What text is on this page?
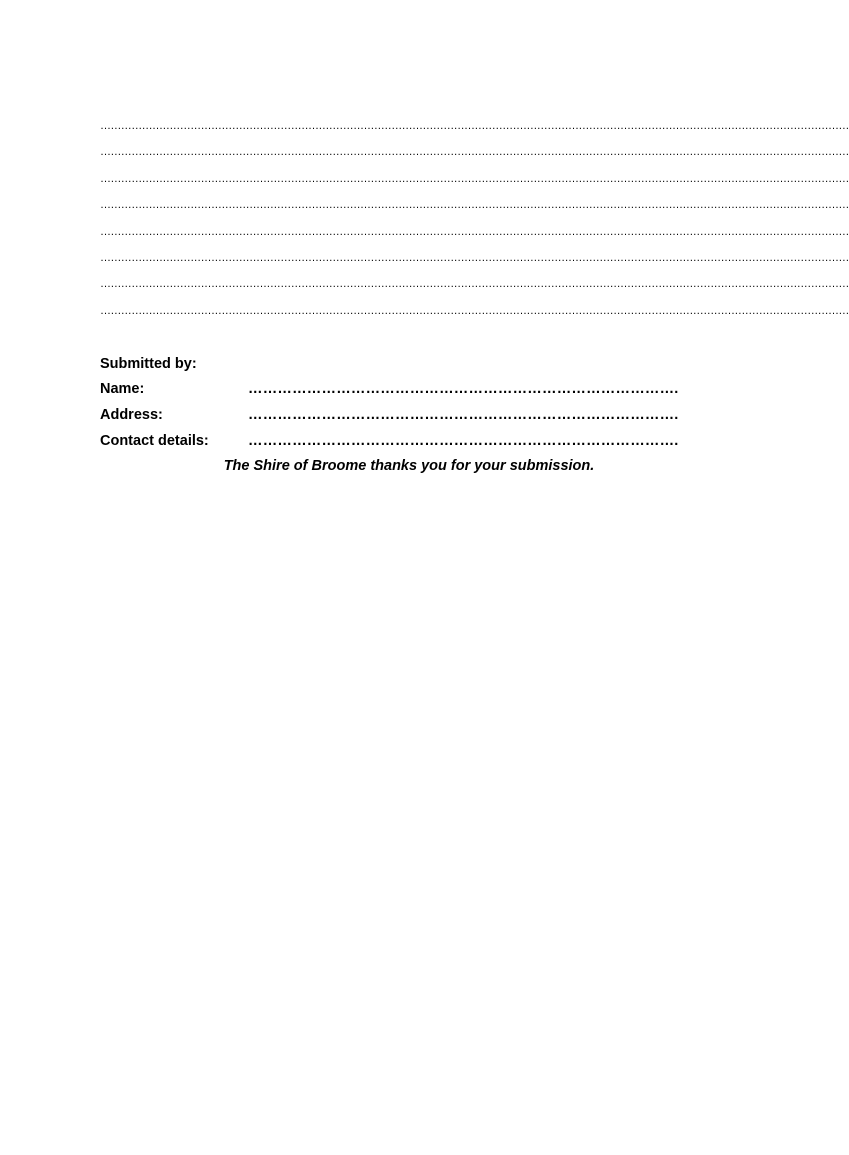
………………………………………………………………………………………………………………………………………………………………………………………………
………………………………………………………………………………………………………………………………………………………………………………………………
………………………………………………………………………………………………………………………………………………………………………………………………
………………………………………………………………………………………………………………………………………………………………………………………………
………………………………………………………………………………………………………………………………………………………………………………………………
………………………………………………………………………………………………………………………………………………………………………………………………
………………………………………………………………………………………………………………………………………………………………………………………………
………………………………………………………………………………………………………………………………………………………………………………………………
Submitted by:
Name:	…………………………………………………………………………….
Address:	…………………………………………………………………………….
Contact details:	…………………………………………………………………………….
The Shire of Broome thanks you for your submission.
